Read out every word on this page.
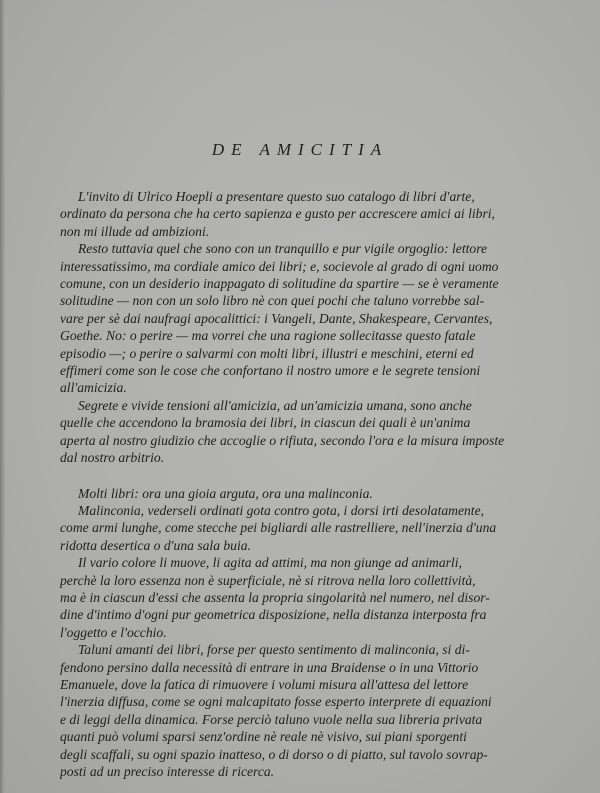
DE AMICITIA
L'invito di Ulrico Hoepli a presentare questo suo catalogo di libri d'arte,
ordinato da persona che ha certo sapienza e gusto per accrescere amici ai libri,
non mi illude ad ambizioni.
Resto tuttavia quel che sono con un tranquillo e pur vigile orgoglio: lettore
interessatissimo, ma cordiale amico dei libri; e, socievole al grado di ogni uomo
comune, con un desiderio inappagato di solitudine da spartire — se è veramente
solitudine — non con un solo libro nè con quei pochi che taluno vorrebbe sal-
vare per sè dai naufragi apocalittici: i Vangeli, Dante, Shakespeare, Cervantes,
Goethe. No: o perire — ma vorrei che una ragione sollecitasse questo fatale
episodio —; o perire o salvarmi con molti libri, illustri e meschini, eterni ed
effimeri come son le cose che confortano il nostro umore e le segrete tensioni
all'amicizia.
Segrete e vivide tensioni all'amicizia, ad un'amicizia umana, sono anche
quelle che accendono la bramosia dei libri, in ciascun dei quali è un'anima
aperta al nostro giudizio che accoglie o rifiuta, secondo l'ora e la misura imposte
dal nostro arbitrio.
Molti libri: ora una gioia arguta, ora una malinconia.
Malinconia, vederseli ordinati gota contro gota, i dorsi irti desolatamente,
come armi lunghe, come stecche pei bigliardi alle rastrelliere, nell'inerzia d'una
ridotta desertica o d'una sala buia.
Il vario colore li muove, li agita ad attimi, ma non giunge ad animarli,
perchè la loro essenza non è superficiale, nè si ritrova nella loro collettività,
ma è in ciascun d'essi che assenta la propria singolarità nel numero, nel disor-
dine d'intimo d'ogni pur geometrica disposizione, nella distanza interposta fra
l'oggetto e l'occhio.
Taluni amanti dei libri, forse per questo sentimento di malinconia, si di-
fendono persino dalla necessità di entrare in una Braidense o in una Vittorio
Emanuele, dove la fatica di rimuovere i volumi misura all'attesa del lettore
l'inerzia diffusa, come se ogni malcapitato fosse esperto interprete di equazioni
e di leggi della dinamica. Forse perciò taluno vuole nella sua libreria privata
quanti può volumi sparsi senz'ordine nè reale nè visivo, sui piani sporgenti
degli scaffali, su ogni spazio inatteso, o di dorso o di piatto, sul tavolo sovrap-
posti ad un preciso interesse di ricerca.
